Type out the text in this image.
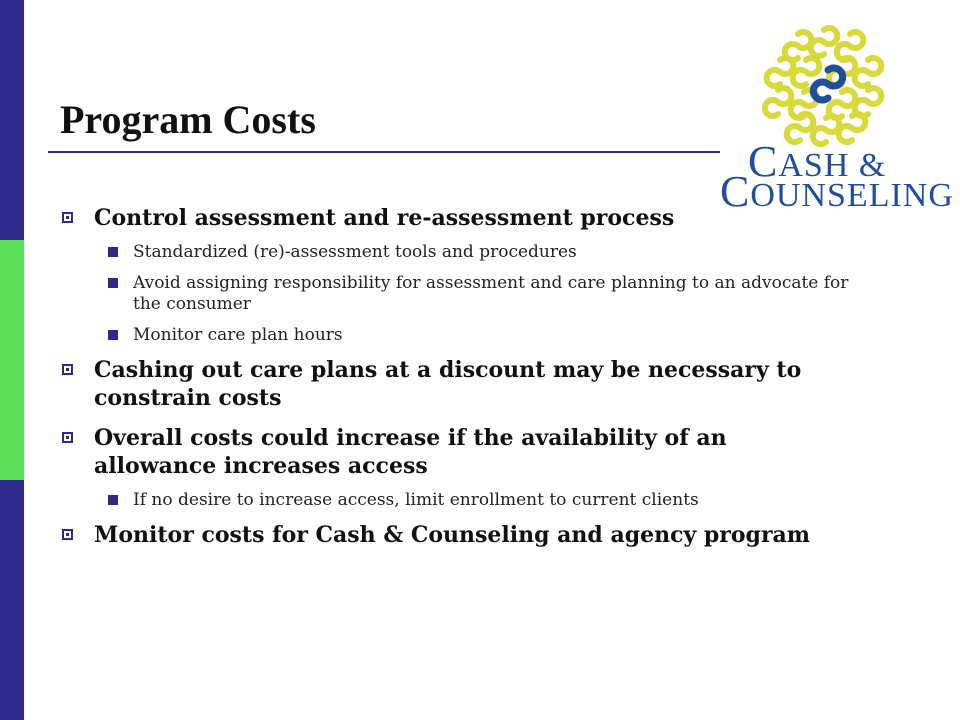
Program Costs
CASH &
COUNSELING
Control assessment and re-assessment process
Standardized (re)-assessment tools and procedures
Avoid assigning responsibility for assessment and care planning to an advocate for the consumer
Monitor care plan hours
Cashing out care plans at a discount may be necessary to constrain costs
Overall costs could increase if the availability of an allowance increases access
If no desire to increase access, limit enrollment to current clients
Monitor costs for Cash & Counseling and agency program
